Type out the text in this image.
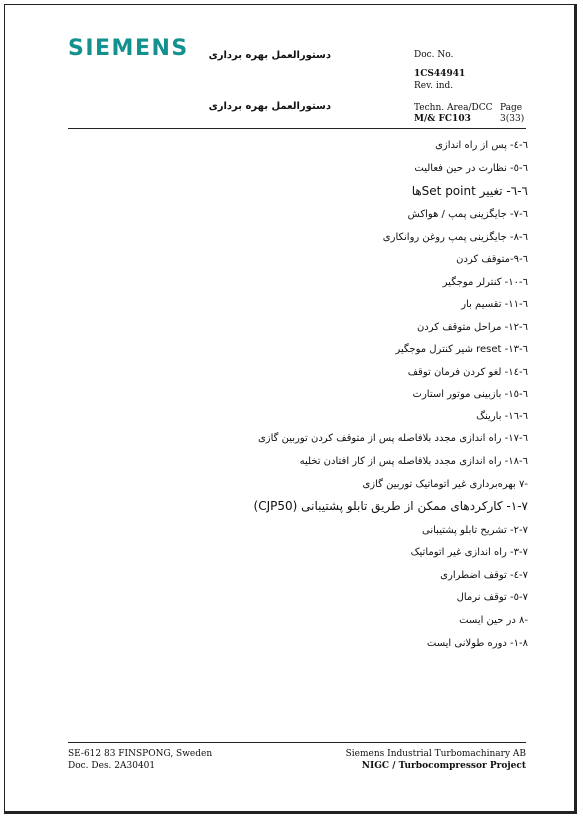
SIEMENS دستورالعمل بهره برداری
دستورالعمل بهره برداری
Doc. No.
1CS44941
Rev. ind.
Techn. Area/DCC
M/& FC103
Page
3(33)
٦-٤- پس از راه اندازی
٦-٥- نظارت در حین فعالیت
٦-٦- تغییر Set pointها
٦-٧- جایگزینی پمپ / هواکش
٦-٨- جایگزینی پمپ روغن روانکاری
٦-٩-متوقف کردن
٦-١٠- کنترلر موجگیر
٦-١١- تقسیم بار
٦-١٢- مراحل متوقف کردن
٦-١٣- reset شیر کنترل موجگیر
٦-١٤- لغو کردن فرمان توقف
٦-١٥- بازبینی موتور استارت
٦-١٦- بارینگ
٦-١٧- راه اندازی مجدد بلافاصله پس از متوقف کردن توربین گازی
٦-١٨- راه اندازی مجدد بلافاصله پس از کار افتادن تخلیه
-٧ بهره‌برداری غیر اتوماتیک توربین گازی
٧-١- کارکردهای ممکن از طریق تابلو پشتیبانی (CJP50)
٧-٢- تشریح تابلو پشتیبانی
٧-٣- راه اندازی غیر اتوماتیک
٧-٤- توقف اضطراری
٧-٥- توقف نرمال
-٨ در حین ایست
٨-١- دوره طولانی ایست
SE-612 83 FINSPONG, Sweden
Doc. Des. 2A30401
Siemens Industrial Turbomachinary AB
NIGC / Turbocompressor Project
